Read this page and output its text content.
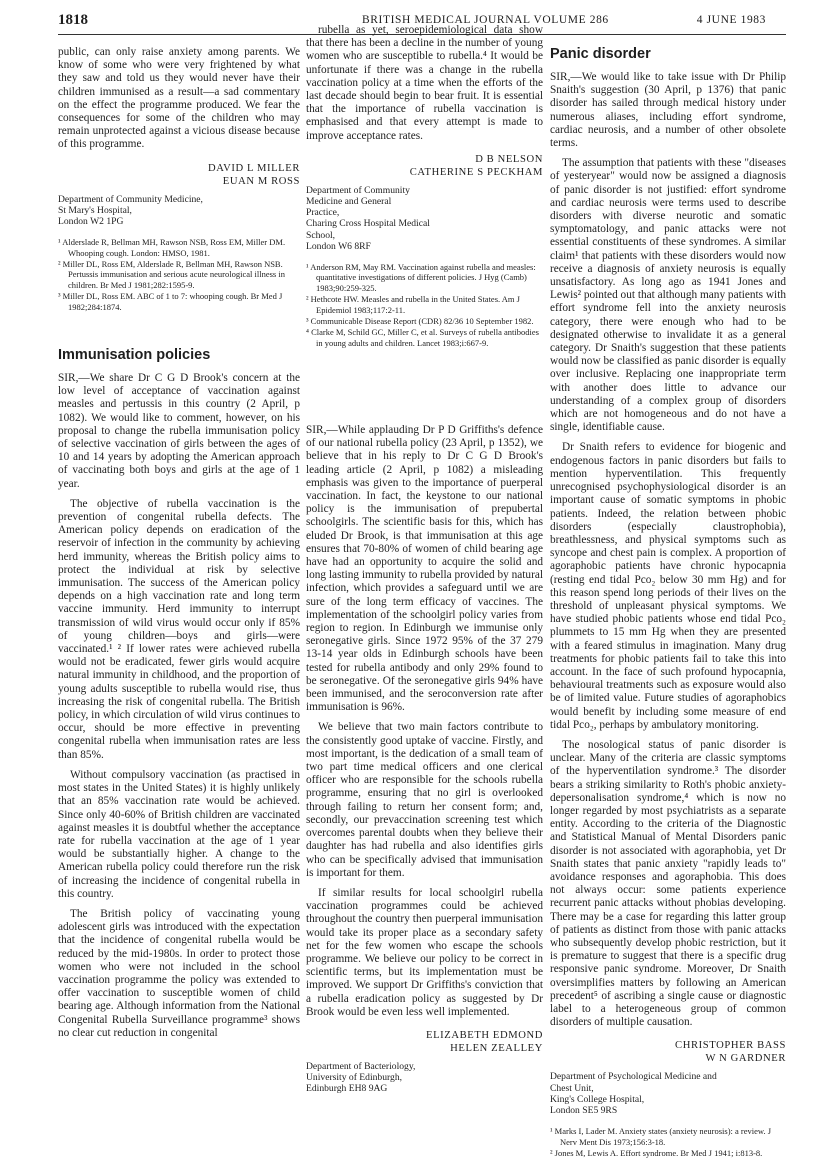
1818	BRITISH MEDICAL JOURNAL VOLUME 286	4 JUNE 1983

public, can only raise anxiety among parents. We know of some who were very frightened by what they saw and told us they would never have their children immunised as a result—a sad commentary on the effect the programme produced. We fear the consequences for some of the children who may remain unprotected against a vicious disease because of this programme.

DAVID L MILLER
EUAN M ROSS
Department of Community Medicine,
St Mary's Hospital,
London W2 1PG
¹ Alderslade R, Bellman MH, Rawson NSB, Ross EM, Miller DM. Whooping cough. London: HMSO, 1981.
² Miller DL, Ross EM, Alderslade R, Bellman MH, Rawson NSB. Pertussis immunisation and serious acute neurological illness in children. Br Med J 1981;282:1595-9.
³ Miller DL, Ross EM. ABC of 1 to 7: whooping cough. Br Med J 1982;284:1874.

rubella as yet, seroepidemiological data show that there has been a decline in the number of young women who are susceptible to rubella.⁴ It would be unfortunate if there was a change in the rubella vaccination policy at a time when the efforts of the last decade should begin to bear fruit. It is essential that the importance of rubella vaccination is emphasised and that every attempt is made to improve acceptance rates.

D B NELSON
CATHERINE S PECKHAM
Department of Community
Medicine and General
Practice,
Charing Cross Hospital Medical
School,
London W6 8RF
¹ Anderson RM, May RM. Vaccination against rubella and measles: quantitative investigations of different policies. J Hyg (Camb) 1983;90:259-325.
² Hethcote HW. Measles and rubella in the United States. Am J Epidemiol 1983;117:2-11.
³ Communicable Disease Report (CDR) 82/36 10 September 1982.
⁴ Clarke M, Schild GC, Miller C, et al. Surveys of rubella antibodies in young adults and children. Lancet 1983;i:667-9.
Immunisation policies

SIR,—We share Dr C G D Brook's concern at the low level of acceptance of vaccination against measles and pertussis in this country (2 April, p 1082). We would like to comment, however, on his proposal to change the rubella immunisation policy of selective vaccination of girls between the ages of 10 and 14 years by adopting the American approach of vaccinating both boys and girls at the age of 1 year.

The objective of rubella vaccination is the prevention of congenital rubella defects. The American policy depends on eradication of the reservoir of infection in the community by achieving herd immunity, whereas the British policy aims to protect the individual at risk by selective immunisation. The success of the American policy depends on a high vaccination rate and long term vaccine immunity. Herd immunity to interrupt transmission of wild virus would occur only if 85% of young children—boys and girls—were vaccinated.¹ ² If lower rates were achieved rubella would not be eradicated, fewer girls would acquire natural immunity in childhood, and the proportion of young adults susceptible to rubella would rise, thus increasing the risk of congenital rubella. The British policy, in which circulation of wild virus continues to occur, should be more effective in preventing congenital rubella when immunisation rates are less than 85%.

Without compulsory vaccination (as practised in most states in the United States) it is highly unlikely that an 85% vaccination rate would be achieved. Since only 40-60% of British children are vaccinated against measles it is doubtful whether the acceptance rate for rubella vaccination at the age of 1 year would be substantially higher. A change to the American rubella policy could therefore run the risk of increasing the incidence of congenital rubella in this country.

The British policy of vaccinating young adolescent girls was introduced with the expectation that the incidence of congenital rubella would be reduced by the mid-1980s. In order to protect those women who were not included in the school vaccination programme the policy was extended to offer vaccination to susceptible women of child bearing age. Although information from the National Congenital Rubella Surveillance programme³ shows no clear cut reduction in congenital

SIR,—While applauding Dr P D Griffiths's defence of our national rubella policy (23 April, p 1352), we believe that in his reply to Dr C G D Brook's leading article (2 April, p 1082) a misleading emphasis was given to the importance of puerperal vaccination. In fact, the keystone to our national policy is the immunisation of prepubertal schoolgirls. The scientific basis for this, which has eluded Dr Brook, is that immunisation at this age ensures that 70-80% of women of child bearing age have had an opportunity to acquire the solid and long lasting immunity to rubella provided by natural infection, which provides a safeguard until we are sure of the long term efficacy of vaccines. The implementation of the schoolgirl policy varies from region to region. In Edinburgh we immunise only seronegative girls. Since 1972 95% of the 37 279 13-14 year olds in Edinburgh schools have been tested for rubella antibody and only 29% found to be seronegative. Of the seronegative girls 94% have been immunised, and the seroconversion rate after immunisation is 96%.

We believe that two main factors contribute to the consistently good uptake of vaccine. Firstly, and most important, is the dedication of a small team of two part time medical officers and one clerical officer who are responsible for the schools rubella programme, ensuring that no girl is overlooked through failing to return her consent form; and, secondly, our prevaccination screening test which overcomes parental doubts when they believe their daughter has had rubella and also identifies girls who can be specifically advised that immunisation is important for them.

If similar results for local schoolgirl rubella vaccination programmes could be achieved throughout the country then puerperal immunisation would take its proper place as a secondary safety net for the few women who escape the schools programme. We believe our policy to be correct in scientific terms, but its implementation must be improved. We support Dr Griffiths's conviction that a rubella eradication policy as suggested by Dr Brook would be even less well implemented.

ELIZABETH EDMOND
HELEN ZEALLEY
Department of Bacteriology,
University of Edinburgh,
Edinburgh EH8 9AG
Panic disorder

SIR,—We would like to take issue with Dr Philip Snaith's suggestion (30 April, p 1376) that panic disorder has sailed through medical history under numerous aliases, including effort syndrome, cardiac neurosis, and a number of other obsolete terms.

The assumption that patients with these "diseases of yesteryear" would now be assigned a diagnosis of panic disorder is not justified: effort syndrome and cardiac neurosis were terms used to describe disorders with diverse neurotic and somatic symptomatology, and panic attacks were not essential constituents of these syndromes. A similar claim¹ that patients with these disorders would now receive a diagnosis of anxiety neurosis is equally unsatisfactory. As long ago as 1941 Jones and Lewis² pointed out that although many patients with effort syndrome fell into the anxiety neurosis category, there were enough who had to be designated otherwise to invalidate it as a general category. Dr Snaith's suggestion that these patients would now be classified as panic disorder is equally over inclusive. Replacing one inappropriate term with another does little to advance our understanding of a complex group of disorders which are not homogeneous and do not have a single, identifiable cause.

Dr Snaith refers to evidence for biogenic and endogenous factors in panic disorders but fails to mention hyperventilation. This frequently unrecognised psychophysiological disorder is an important cause of somatic symptoms in phobic patients. Indeed, the relation between phobic disorders (especially claustrophobia), breathlessness, and physical symptoms such as syncope and chest pain is complex. A proportion of agoraphobic patients have chronic hypocapnia (resting end tidal Pco₂ below 30 mm Hg) and for this reason spend long periods of their lives on the threshold of unpleasant physical symptoms. We have studied phobic patients whose end tidal Pco₂ plummets to 15 mm Hg when they are presented with a feared stimulus in imagination. Many drug treatments for phobic patients fail to take this into account. In the face of such profound hypocapnia, behavioural treatments such as exposure would also be of limited value. Future studies of agoraphobics would benefit by including some measure of end tidal Pco₂, perhaps by ambulatory monitoring.

The nosological status of panic disorder is unclear. Many of the criteria are classic symptoms of the hyperventilation syndrome.³ The disorder bears a striking similarity to Roth's phobic anxiety-depersonalisation syndrome,⁴ which is now no longer regarded by most psychiatrists as a separate entity. According to the criteria of the Diagnostic and Statistical Manual of Mental Disorders panic disorder is not associated with agoraphobia, yet Dr Snaith states that panic anxiety "rapidly leads to" avoidance responses and agoraphobia. This does not always occur: some patients experience recurrent panic attacks without phobias developing. There may be a case for regarding this latter group of patients as distinct from those with panic attacks who subsequently develop phobic restriction, but it is premature to suggest that there is a specific drug responsive panic syndrome. Moreover, Dr Snaith oversimplifies matters by following an American precedent⁵ of ascribing a single cause or diagnostic label to a heterogeneous group of common disorders of multiple causation.

CHRISTOPHER BASS
W N GARDNER
Department of Psychological Medicine and
Chest Unit,
King's College Hospital,
London SE5 9RS
¹ Marks I, Lader M. Anxiety states (anxiety neurosis): a review. J Nerv Ment Dis 1973;156:3-18.
² Jones M, Lewis A. Effort syndrome. Br Med J 1941; i:813-8.
